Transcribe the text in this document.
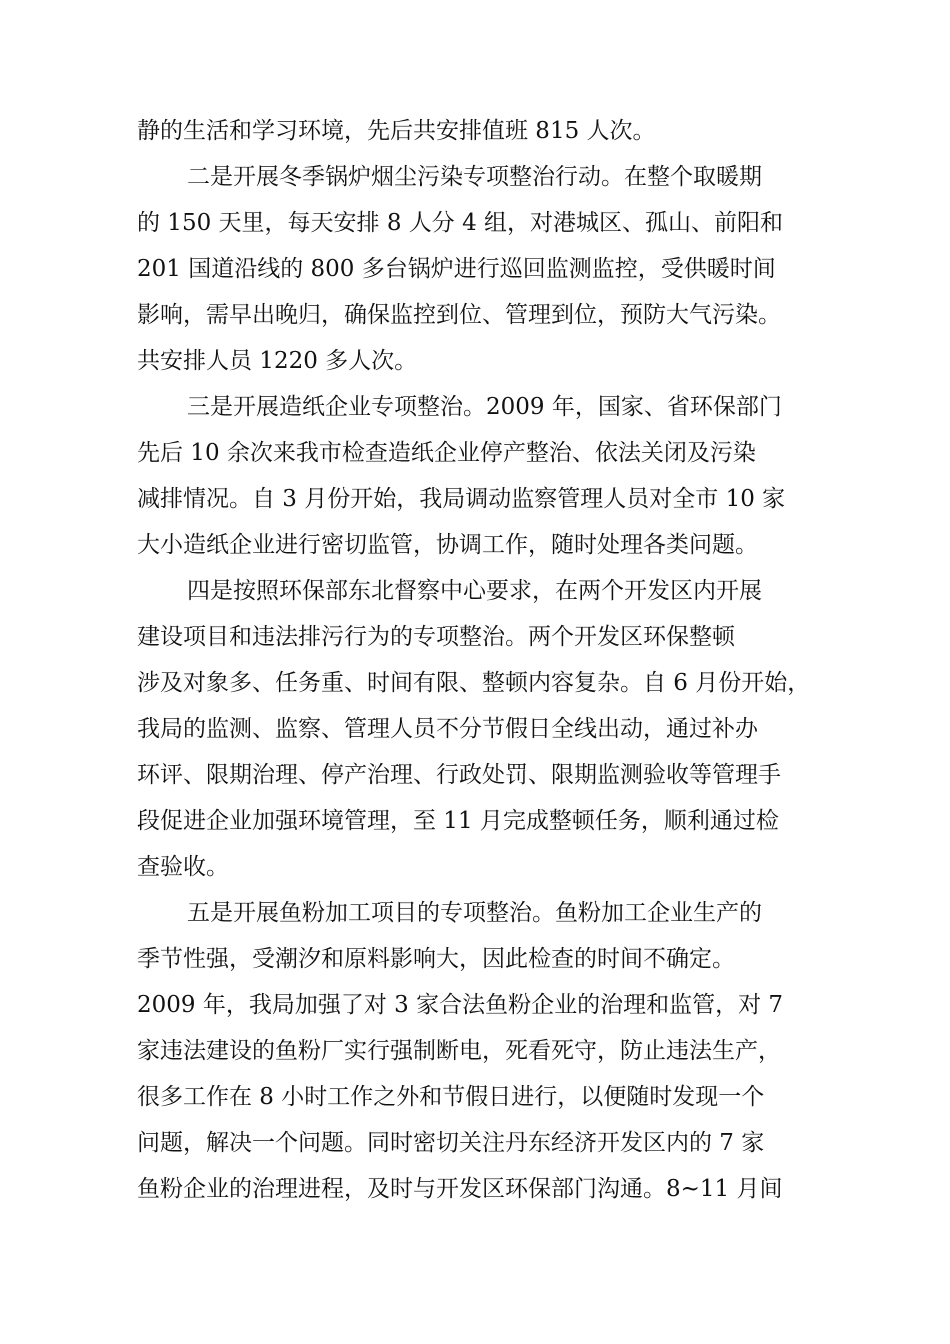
静的生活和学习环境，先后共安排值班 815 人次。
二是开展冬季锅炉烟尘污染专项整治行动。在整个取暖期
的 150 天里，每天安排 8 人分 4 组，对港城区、孤山、前阳和
201 国道沿线的 800 多台锅炉进行巡回监测监控，受供暖时间
影响，需早出晚归，确保监控到位、管理到位，预防大气污染。
共安排人员 1220 多人次。
三是开展造纸企业专项整治。2009 年，国家、省环保部门
先后 10 余次来我市检查造纸企业停产整治、依法关闭及污染
减排情况。自 3 月份开始，我局调动监察管理人员对全市 10 家
大小造纸企业进行密切监管，协调工作，随时处理各类问题。
四是按照环保部东北督察中心要求，在两个开发区内开展
建设项目和违法排污行为的专项整治。两个开发区环保整顿
涉及对象多、任务重、时间有限、整顿内容复杂。自 6 月份开始，
我局的监测、监察、管理人员不分节假日全线出动，通过补办
环评、限期治理、停产治理、行政处罚、限期监测验收等管理手
段促进企业加强环境管理，至 11 月完成整顿任务，顺利通过检
查验收。
五是开展鱼粉加工项目的专项整治。鱼粉加工企业生产的
季节性强，受潮汐和原料影响大，因此检查的时间不确定。
2009 年，我局加强了对 3 家合法鱼粉企业的治理和监管，对 7
家违法建设的鱼粉厂实行强制断电，死看死守，防止违法生产，
很多工作在 8 小时工作之外和节假日进行，以便随时发现一个
问题，解决一个问题。同时密切关注丹东经济开发区内的 7 家
鱼粉企业的治理进程，及时与开发区环保部门沟通。8~11 月间
